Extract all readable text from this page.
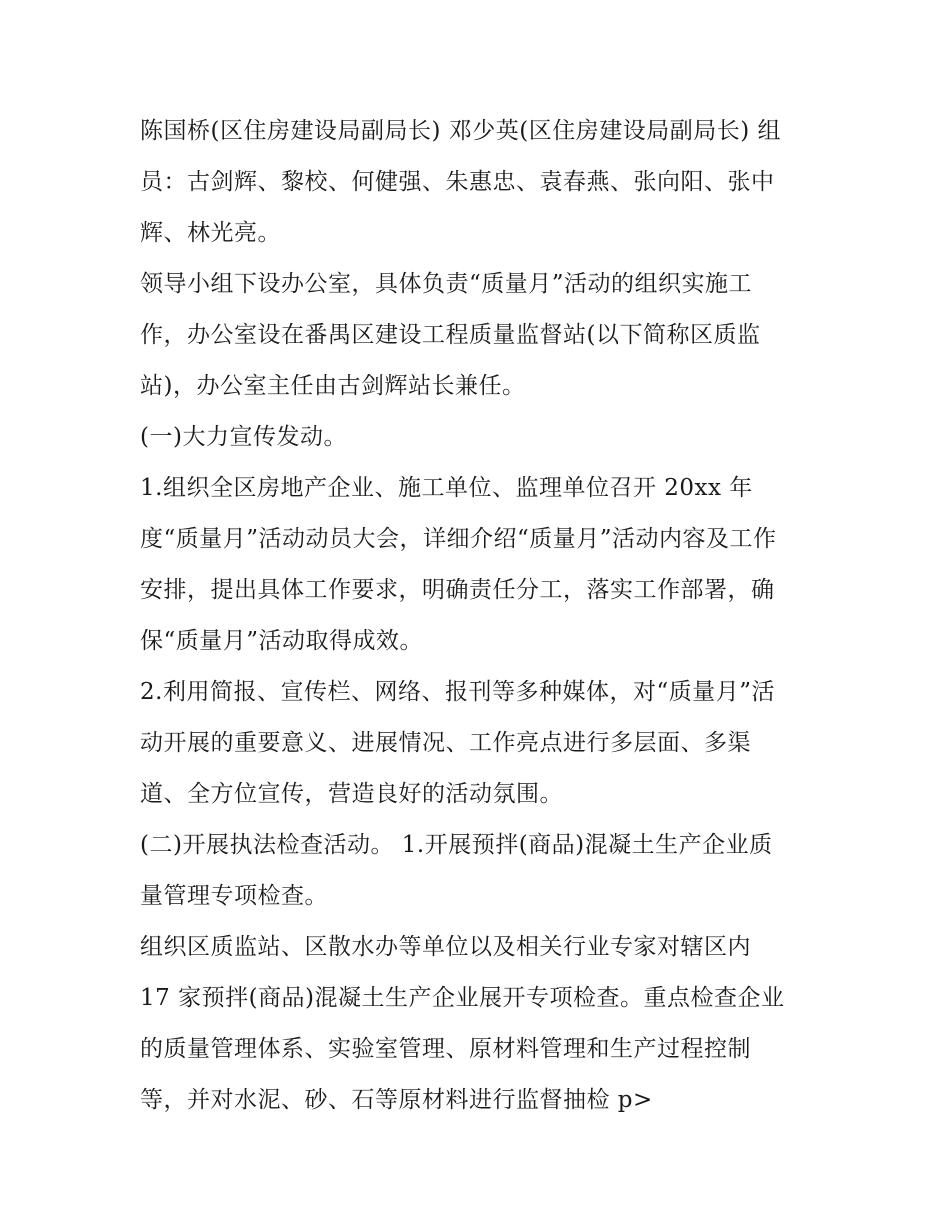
陈国桥(区住房建设局副局长) 邓少英(区住房建设局副局长) 组
员：古剑辉、黎校、何健强、朱惠忠、袁春燕、张向阳、张中
辉、林光亮。
领导小组下设办公室，具体负责“质量月”活动的组织实施工
作，办公室设在番禺区建设工程质量监督站(以下简称区质监
站)，办公室主任由古剑辉站长兼任。
(一)大力宣传发动。
1.组织全区房地产企业、施工单位、监理单位召开 20xx 年
度“质量月”活动动员大会，详细介绍“质量月”活动内容及工作
安排，提出具体工作要求，明确责任分工，落实工作部署，确
保“质量月”活动取得成效。
2.利用简报、宣传栏、网络、报刊等多种媒体，对“质量月”活
动开展的重要意义、进展情况、工作亮点进行多层面、多渠
道、全方位宣传，营造良好的活动氛围。
(二)开展执法检查活动。 1.开展预拌(商品)混凝土生产企业质
量管理专项检查。
组织区质监站、区散水办等单位以及相关行业专家对辖区内
17 家预拌(商品)混凝土生产企业展开专项检查。重点检查企业
的质量管理体系、实验室管理、原材料管理和生产过程控制
等，并对水泥、砂、石等原材料进行监督抽检 p>
